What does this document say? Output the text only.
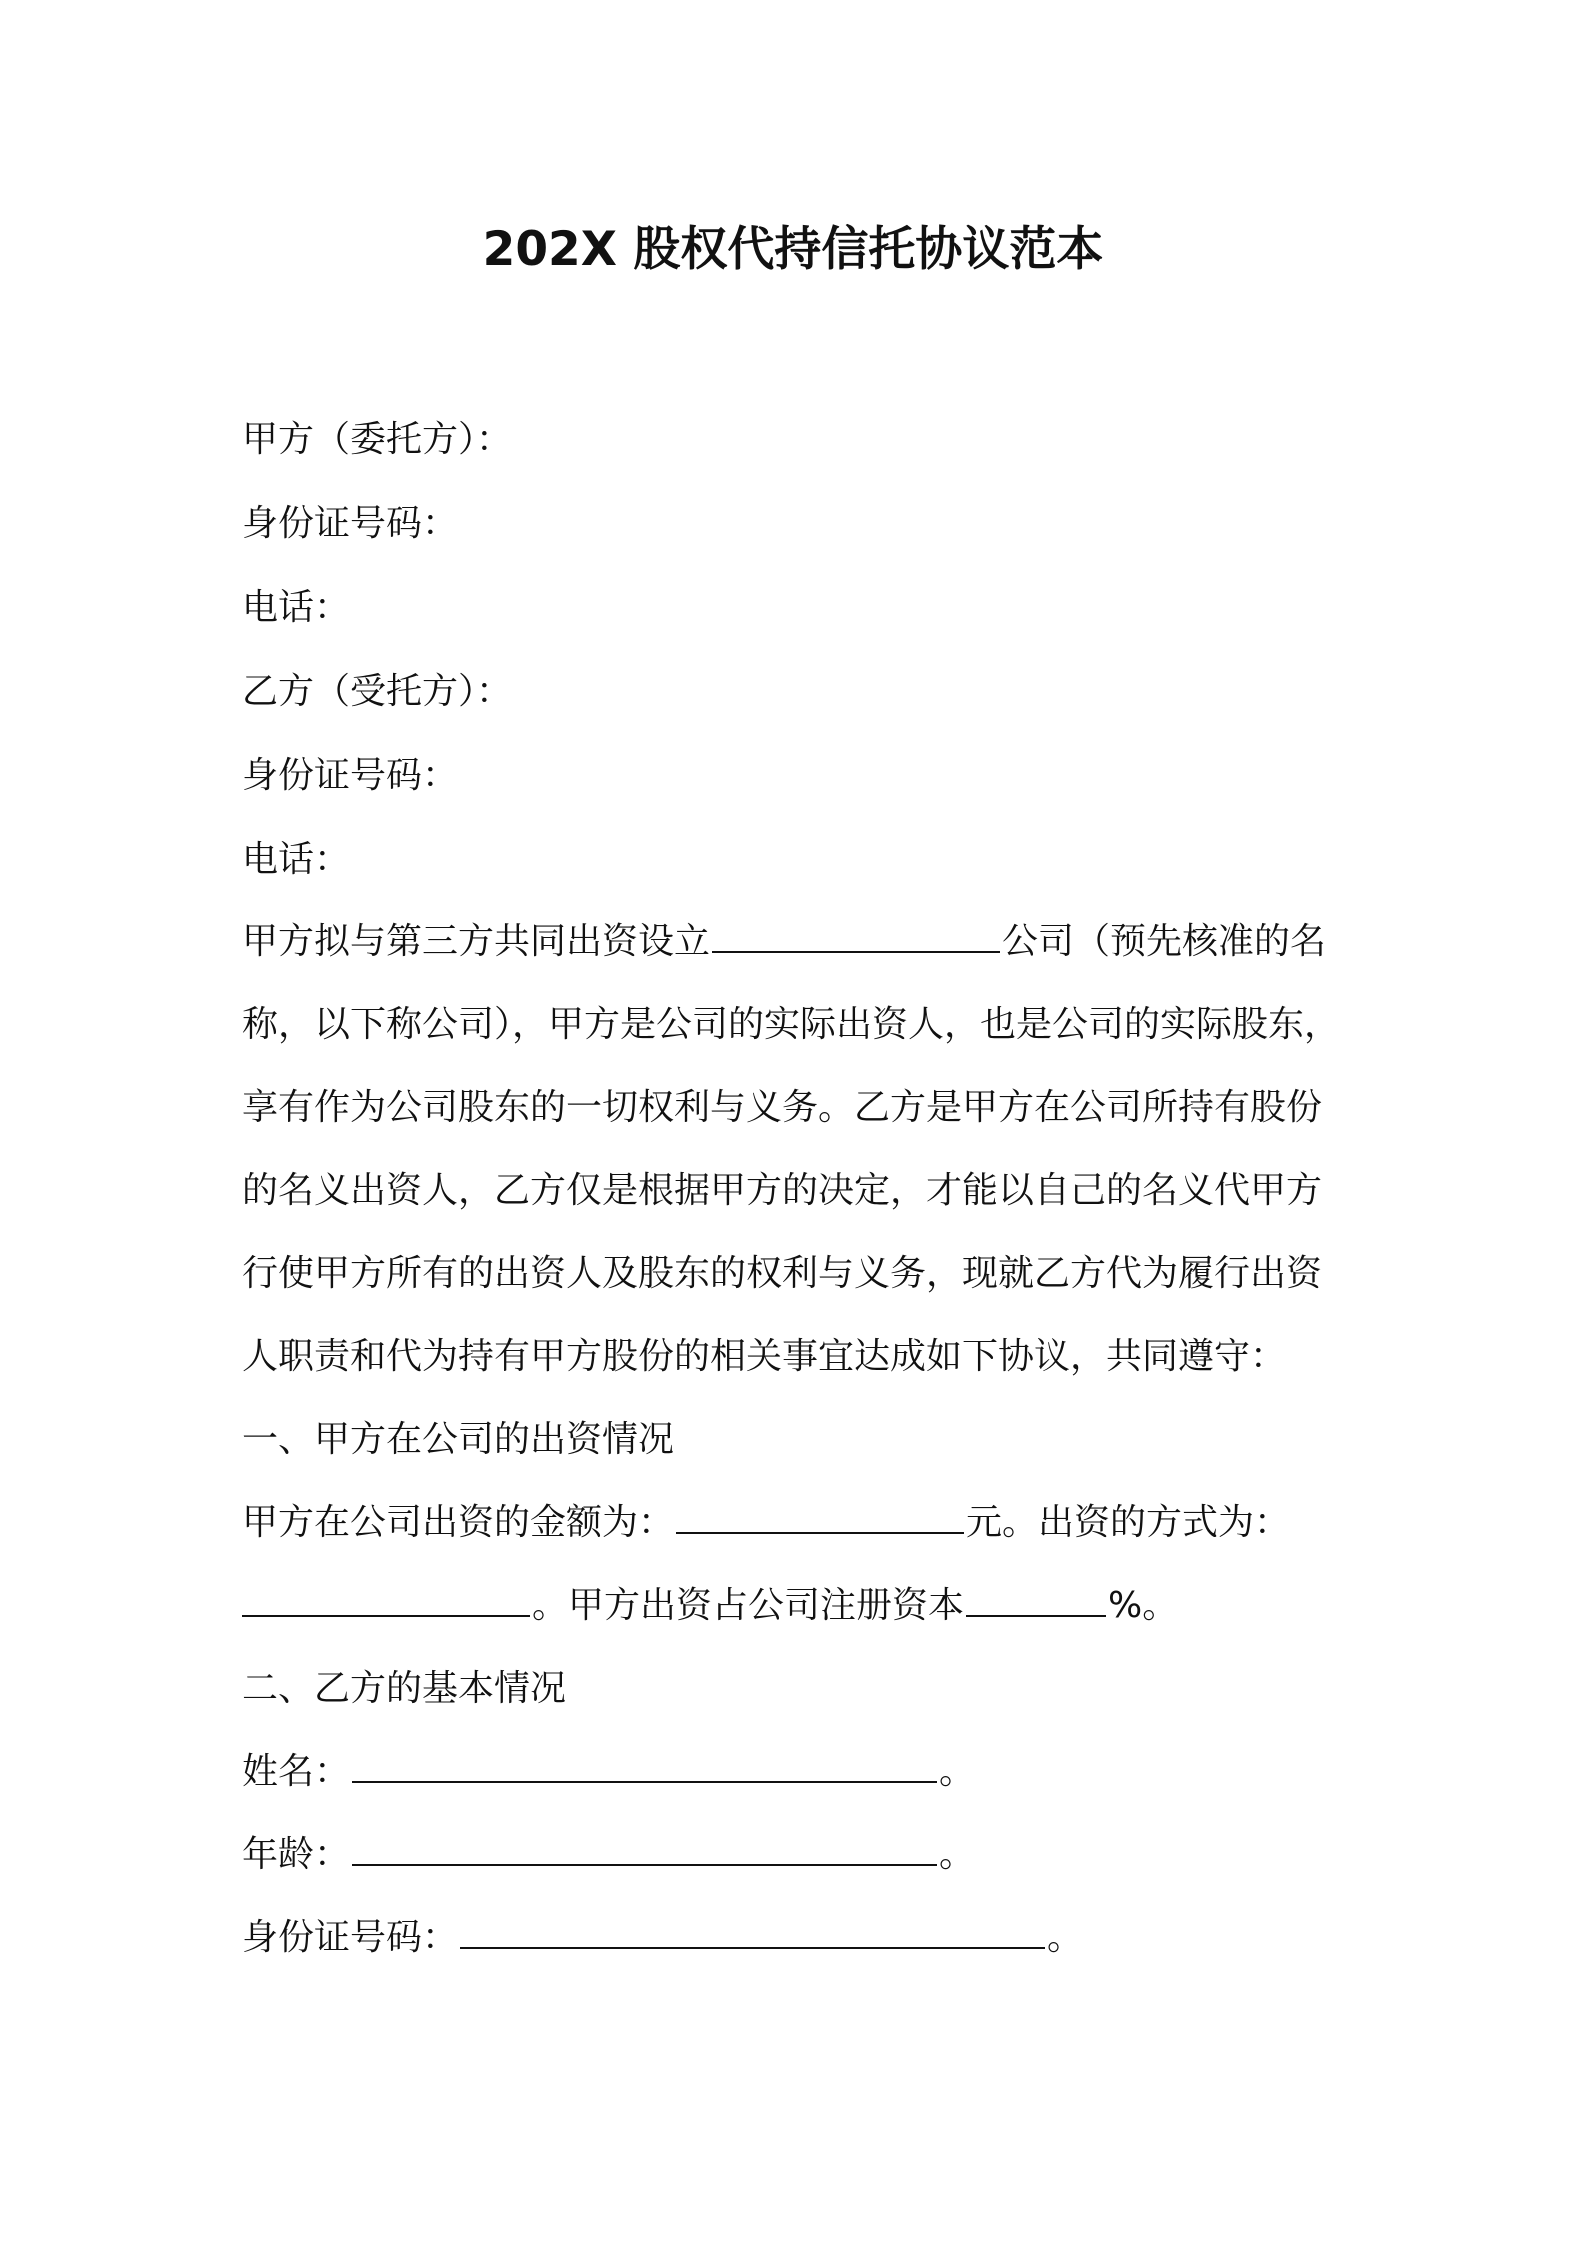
202X 股权代持信托协议范本
甲方（委托方）：
身份证号码：
电话：
乙方（受托方）：
身份证号码：
电话：
甲方拟与第三方共同出资设立	公司（预先核准的名
称，以下称公司），甲方是公司的实际出资人，也是公司的实际股东，
享有作为公司股东的一切权利与义务。乙方是甲方在公司所持有股份
的名义出资人，乙方仅是根据甲方的决定，才能以自己的名义代甲方
行使甲方所有的出资人及股东的权利与义务，现就乙方代为履行出资
人职责和代为持有甲方股份的相关事宜达成如下协议，共同遵守：
一、甲方在公司的出资情况
甲方在公司出资的金额为：	元。出资的方式为：
。甲方出资占公司注册资本	%。
二、乙方的基本情况
姓名：	。
年龄：	。
身份证号码：	。
